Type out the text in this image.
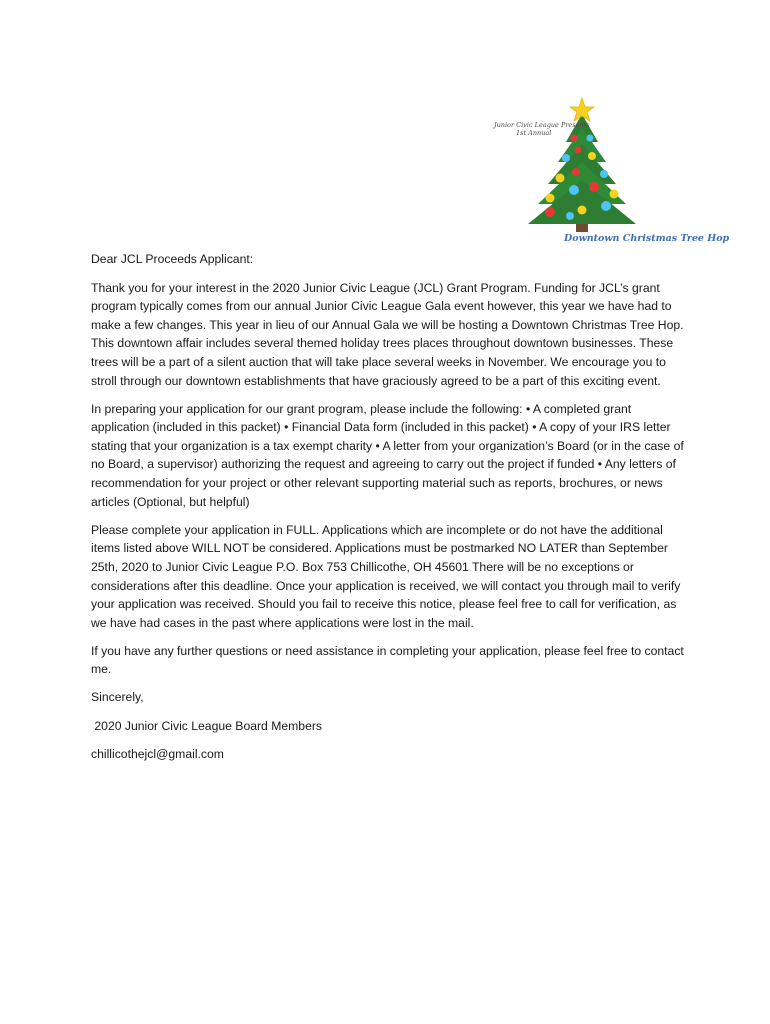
Junior Civic League Presents
1st Annual
Downtown Christmas Tree Hop

Dear JCL Proceeds Applicant:

Thank you for your interest in the 2020 Junior Civic League (JCL) Grant Program. Funding for JCL’s grant program typically comes from our annual Junior Civic League Gala event however, this year we have had to make a few changes. This year in lieu of our Annual Gala we will be hosting a Downtown Christmas Tree Hop. This downtown affair includes several themed holiday trees places throughout downtown businesses. These trees will be a part of a silent auction that will take place several weeks in November. We encourage you to stroll through our downtown establishments that have graciously agreed to be a part of this exciting event.

In preparing your application for our grant program, please include the following: • A completed grant application (included in this packet) • Financial Data form (included in this packet) • A copy of your IRS letter stating that your organization is a tax exempt charity • A letter from your organization’s Board (or in the case of no Board, a supervisor) authorizing the request and agreeing to carry out the project if funded • Any letters of recommendation for your project or other relevant supporting material such as reports, brochures, or news articles (Optional, but helpful)

Please complete your application in FULL. Applications which are incomplete or do not have the additional items listed above WILL NOT be considered. Applications must be postmarked NO LATER than September 25th, 2020 to Junior Civic League P.O. Box 753 Chillicothe, OH 45601 There will be no exceptions or considerations after this deadline. Once your application is received, we will contact you through mail to verify your application was received. Should you fail to receive this notice, please feel free to call for verification, as we have had cases in the past where applications were lost in the mail.

If you have any further questions or need assistance in completing your application, please feel free to contact me.

Sincerely,

2020 Junior Civic League Board Members

chillicothejcl@gmail.com
